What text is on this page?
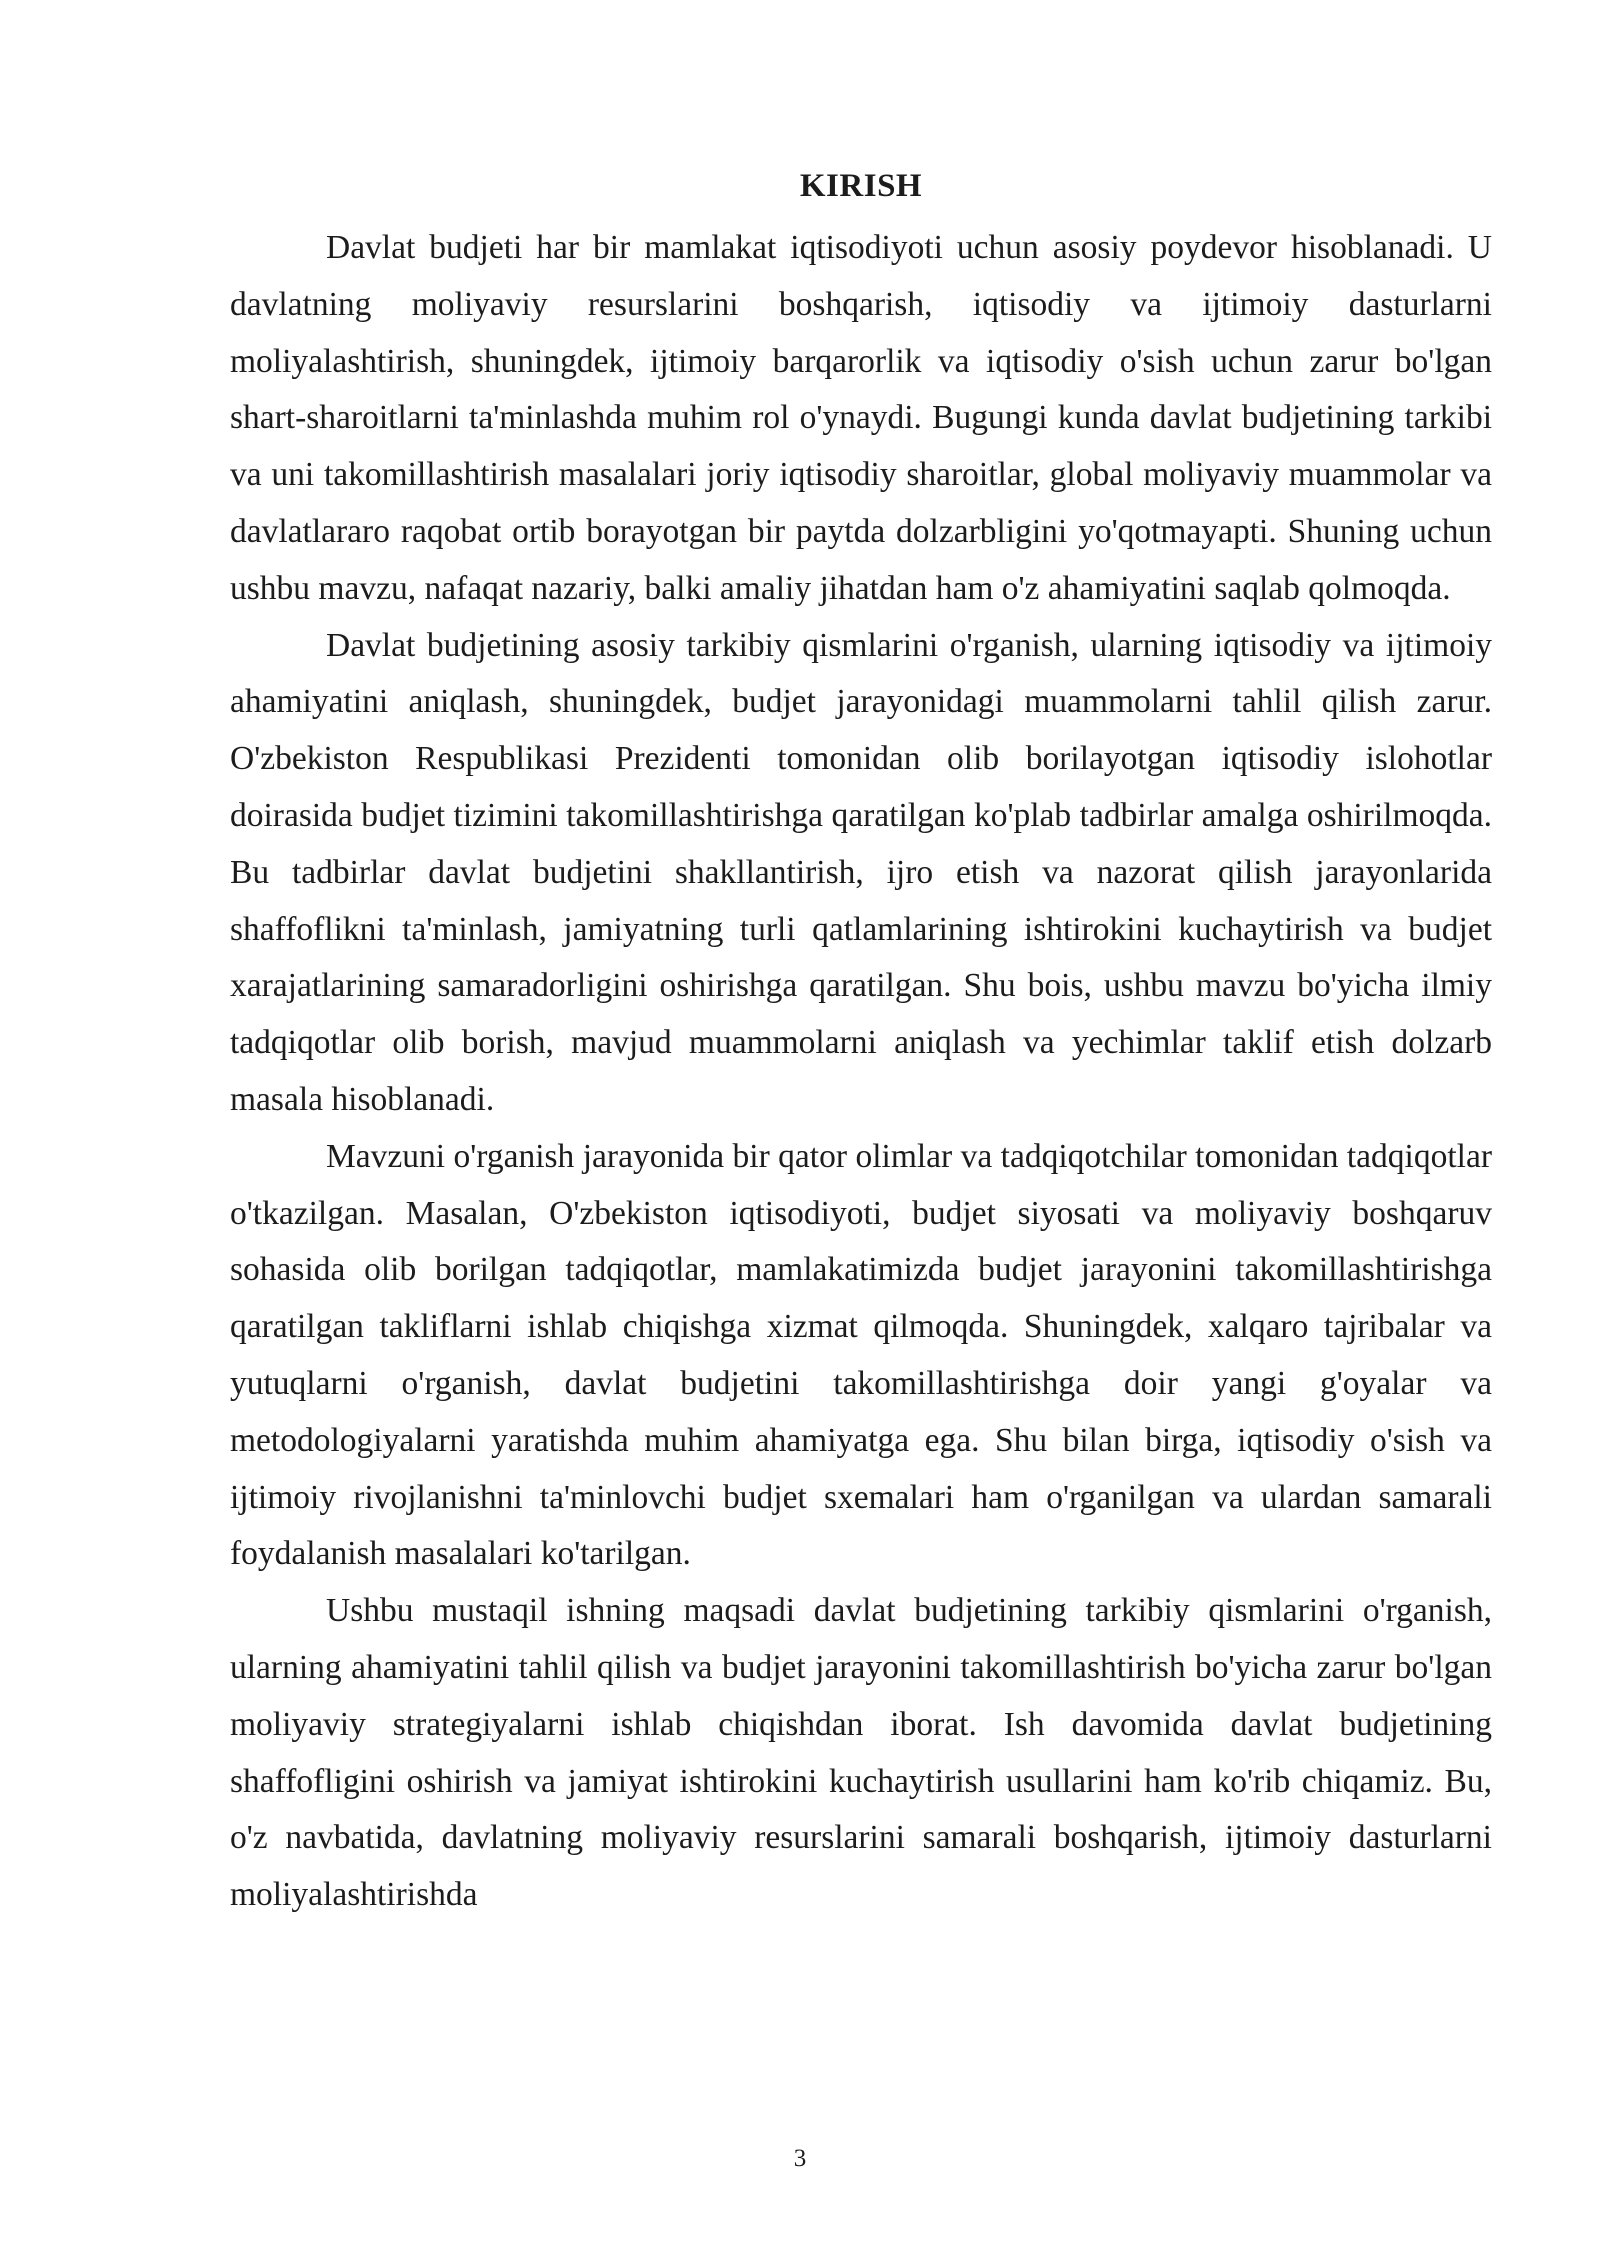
KIRISH

Davlat budjeti har bir mamlakat iqtisodiyoti uchun asosiy poydevor hisoblanadi. U davlatning moliyaviy resurslarini boshqarish, iqtisodiy va ijtimoiy dasturlarni moliyalashtirish, shuningdek, ijtimoiy barqarorlik va iqtisodiy o'sish uchun zarur bo'lgan shart-sharoitlarni ta'minlashda muhim rol o'ynaydi. Bugungi kunda davlat budjetining tarkibi va uni takomillashtirish masalalari joriy iqtisodiy sharoitlar, global moliyaviy muammolar va davlatlararo raqobat ortib borayotgan bir paytda dolzarbligini yo'qotmayapti. Shuning uchun ushbu mavzu, nafaqat nazariy, balki amaliy jihatdan ham o'z ahamiyatini saqlab qolmoqda.

Davlat budjetining asosiy tarkibiy qismlarini o'rganish, ularning iqtisodiy va ijtimoiy ahamiyatini aniqlash, shuningdek, budjet jarayonidagi muammolarni tahlil qilish zarur. O'zbekiston Respublikasi Prezidenti tomonidan olib borilayotgan iqtisodiy islohotlar doirasida budjet tizimini takomillashtirishga qaratilgan ko'plab tadbirlar amalga oshirilmoqda. Bu tadbirlar davlat budjetini shakllantirish, ijro etish va nazorat qilish jarayonlarida shaffoflikni ta'minlash, jamiyatning turli qatlamlarining ishtirokini kuchaytirish va budjet xarajatlarining samaradorligini oshirishga qaratilgan. Shu bois, ushbu mavzu bo'yicha ilmiy tadqiqotlar olib borish, mavjud muammolarni aniqlash va yechimlar taklif etish dolzarb masala hisoblanadi.

Mavzuni o'rganish jarayonida bir qator olimlar va tadqiqotchilar tomonidan tadqiqotlar o'tkazilgan. Masalan, O'zbekiston iqtisodiyoti, budjet siyosati va moliyaviy boshqaruv sohasida olib borilgan tadqiqotlar, mamlakatimizda budjet jarayonini takomillashtirishga qaratilgan takliflarni ishlab chiqishga xizmat qilmoqda. Shuningdek, xalqaro tajribalar va yutuqlarni o'rganish, davlat budjetini takomillashtirishga doir yangi g'oyalar va metodologiyalarni yaratishda muhim ahamiyatga ega. Shu bilan birga, iqtisodiy o'sish va ijtimoiy rivojlanishni ta'minlovchi budjet sxemalari ham o'rganilgan va ulardan samarali foydalanish masalalari ko'tarilgan.

Ushbu mustaqil ishning maqsadi davlat budjetining tarkibiy qismlarini o'rganish, ularning ahamiyatini tahlil qilish va budjet jarayonini takomillashtirish bo'yicha zarur bo'lgan moliyaviy strategiyalarni ishlab chiqishdan iborat. Ish davomida davlat budjetining shaffofligini oshirish va jamiyat ishtirokini kuchaytirish usullarini ham ko'rib chiqamiz. Bu, o'z navbatida, davlatning moliyaviy resurslarini samarali boshqarish, ijtimoiy dasturlarni moliyalashtirishda

3
